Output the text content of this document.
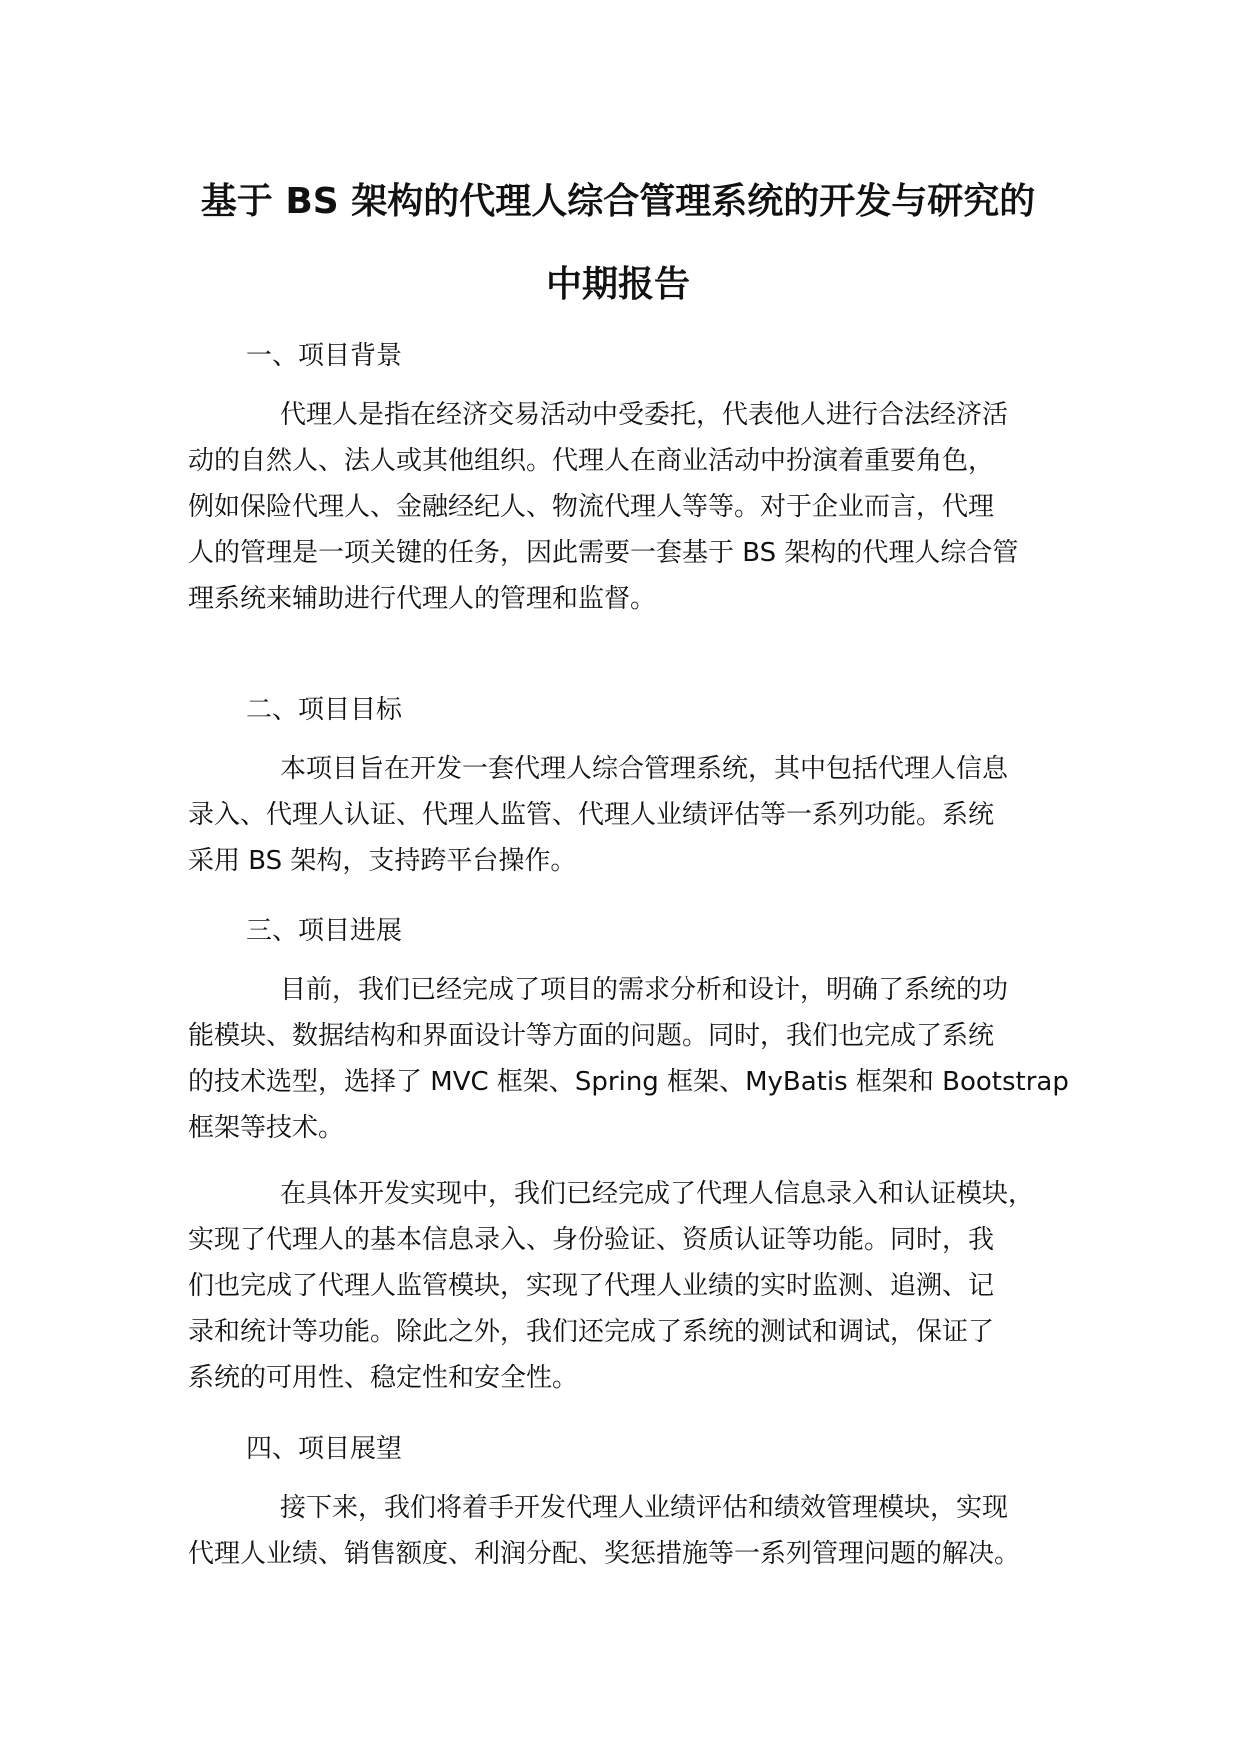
基于 BS 架构的代理人综合管理系统的开发与研究的
中期报告
一、项目背景
代理人是指在经济交易活动中受委托，代表他人进行合法经济活
动的自然人、法人或其他组织。代理人在商业活动中扮演着重要角色，
例如保险代理人、金融经纪人、物流代理人等等。对于企业而言，代理
人的管理是一项关键的任务，因此需要一套基于 BS 架构的代理人综合管
理系统来辅助进行代理人的管理和监督。
二、项目目标
本项目旨在开发一套代理人综合管理系统，其中包括代理人信息
录入、代理人认证、代理人监管、代理人业绩评估等一系列功能。系统
采用 BS 架构，支持跨平台操作。
三、项目进展
目前，我们已经完成了项目的需求分析和设计，明确了系统的功
能模块、数据结构和界面设计等方面的问题。同时，我们也完成了系统
的技术选型，选择了 MVC 框架、Spring 框架、MyBatis 框架和 Bootstrap
框架等技术。
在具体开发实现中，我们已经完成了代理人信息录入和认证模块，
实现了代理人的基本信息录入、身份验证、资质认证等功能。同时，我
们也完成了代理人监管模块，实现了代理人业绩的实时监测、追溯、记
录和统计等功能。除此之外，我们还完成了系统的测试和调试，保证了
系统的可用性、稳定性和安全性。
四、项目展望
接下来，我们将着手开发代理人业绩评估和绩效管理模块，实现
代理人业绩、销售额度、利润分配、奖惩措施等一系列管理问题的解决。
